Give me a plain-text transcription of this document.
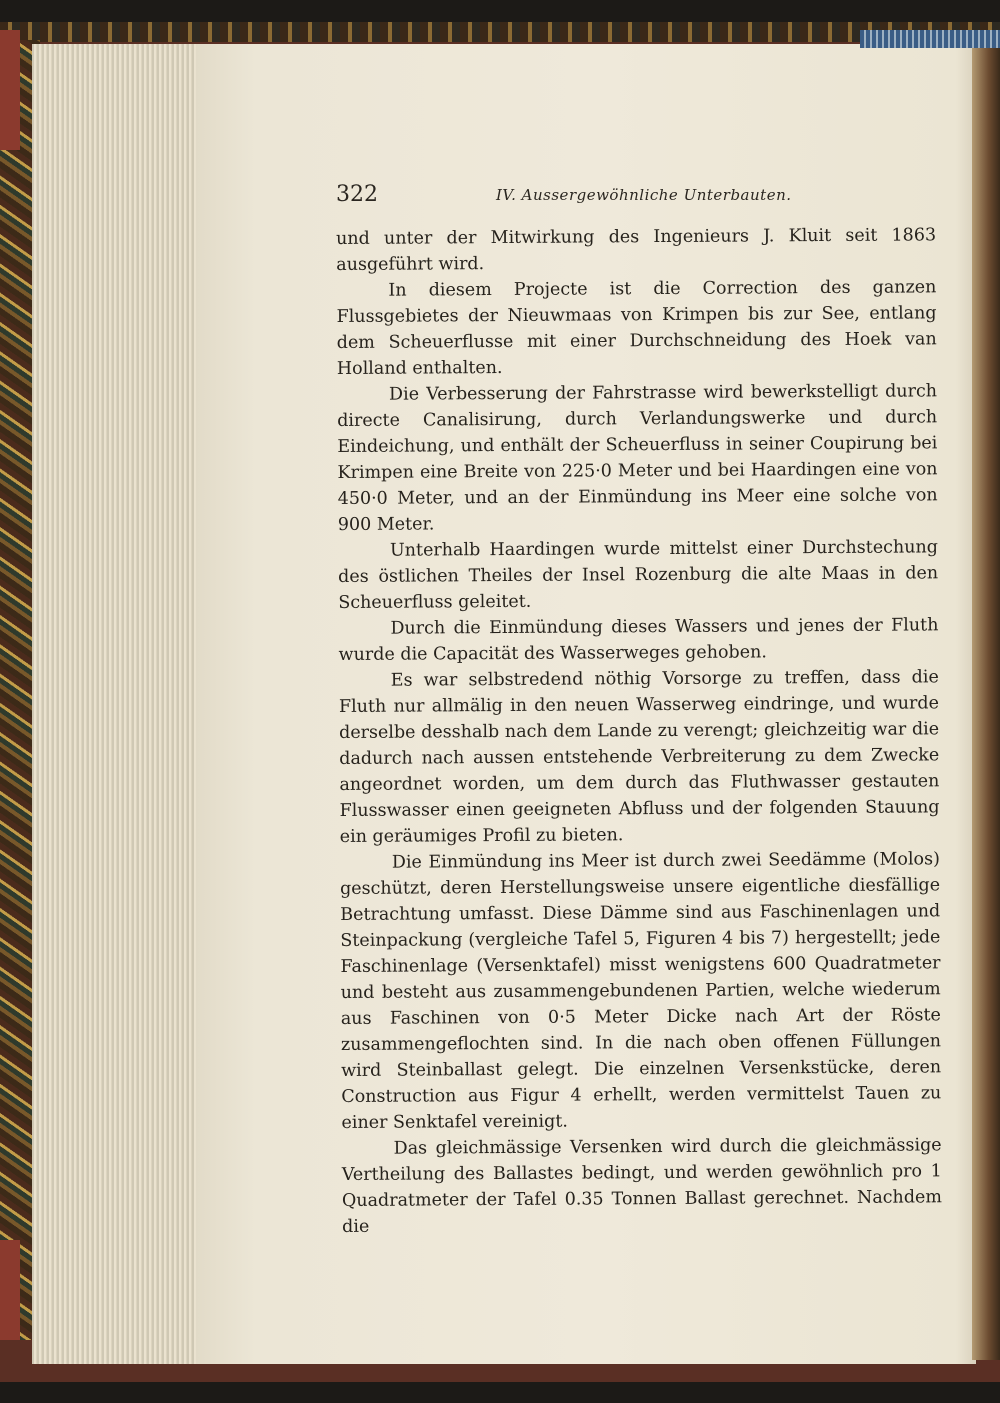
322	IV. Aussergewöhnliche Unterbauten.

und unter der Mitwirkung des Ingenieurs J. Kluit seit 1863 ausgeführt wird.

In diesem Projecte ist die Correction des ganzen Flussgebietes der Nieuwmaas von Krimpen bis zur See, entlang dem Scheuerflusse mit einer Durchschneidung des Hoek van Holland enthalten.

Die Verbesserung der Fahrstrasse wird bewerkstelligt durch directe Canalisirung, durch Verlandungswerke und durch Eindeichung, und enthält der Scheuerfluss in seiner Coupirung bei Krimpen eine Breite von 225·0 Meter und bei Haardingen eine von 450·0 Meter, und an der Einmündung ins Meer eine solche von 900 Meter.

Unterhalb Haardingen wurde mittelst einer Durchstechung des östlichen Theiles der Insel Rozenburg die alte Maas in den Scheuerfluss geleitet.

Durch die Einmündung dieses Wassers und jenes der Fluth wurde die Capacität des Wasserweges gehoben.

Es war selbstredend nöthig Vorsorge zu treffen, dass die Fluth nur allmälig in den neuen Wasserweg eindringe, und wurde derselbe desshalb nach dem Lande zu verengt; gleichzeitig war die dadurch nach aussen entstehende Verbreiterung zu dem Zwecke angeordnet worden, um dem durch das Fluthwasser gestauten Flusswasser einen geeigneten Abfluss und der folgenden Stauung ein geräumiges Profil zu bieten.

Die Einmündung ins Meer ist durch zwei Seedämme (Molos) geschützt, deren Herstellungsweise unsere eigentliche diesfällige Betrachtung umfasst. Diese Dämme sind aus Faschinenlagen und Steinpackung (vergleiche Tafel 5, Figuren 4 bis 7) hergestellt; jede Faschinenlage (Versenktafel) misst wenigstens 600 Quadratmeter und besteht aus zusammengebundenen Partien, welche wiederum aus Faschinen von 0·5 Meter Dicke nach Art der Röste zusammengeflochten sind. In die nach oben offenen Füllungen wird Steinballast gelegt. Die einzelnen Versenkstücke, deren Construction aus Figur 4 erhellt, werden vermittelst Tauen zu einer Senktafel vereinigt.

Das gleichmässige Versenken wird durch die gleichmässige Vertheilung des Ballastes bedingt, und werden gewöhnlich pro 1 Quadratmeter der Tafel 0.35 Tonnen Ballast gerechnet. Nachdem die
